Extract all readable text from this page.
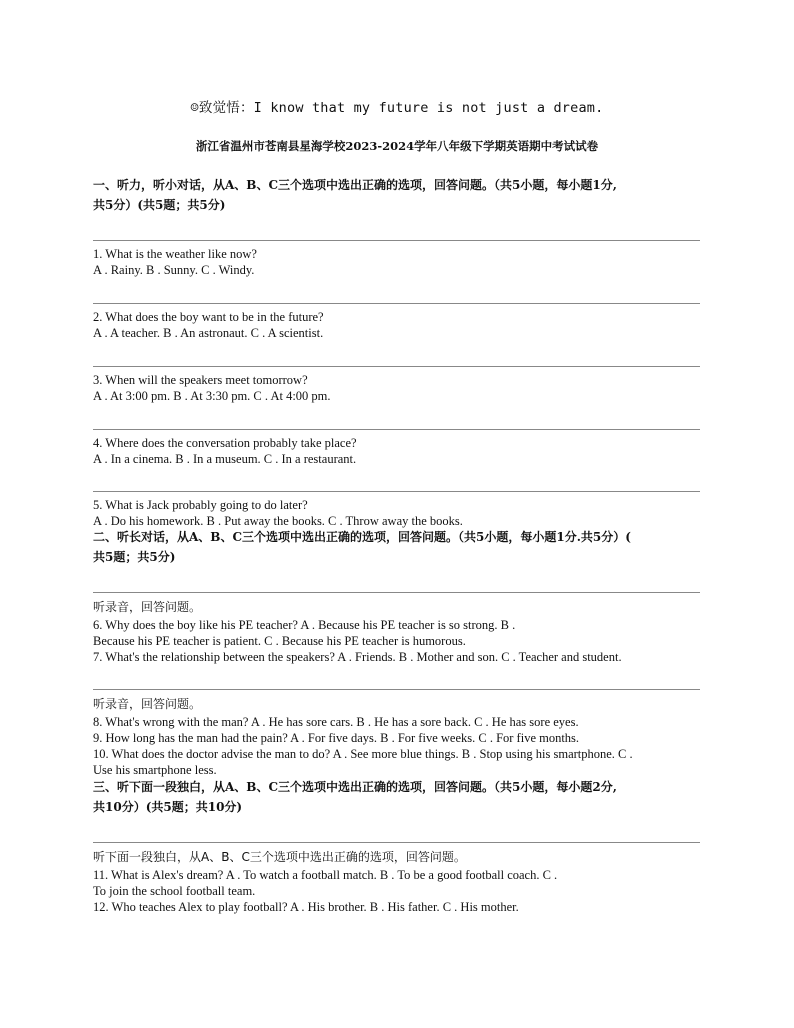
☺致觉悟：I know that my future is not just a dream.
浙江省温州市苍南县星海学校2023-2024学年八年级下学期英语期中考试试卷
一、听力，听小对话，从A、B、C三个选项中选出正确的选项，回答问题。（共5小题，每小题1分,
共5分）(共5题；共5分)
1. What is the weather like now?
A . Rainy. B . Sunny. C . Windy.
2. What does the boy want to be in the future?
A . A teacher. B . An astronaut. C . A scientist.
3. When will the speakers meet tomorrow?
A . At 3:00 pm. B . At 3:30 pm. C . At 4:00 pm.
4. Where does the conversation probably take place?
A . In a cinema. B . In a museum. C . In a restaurant.
5. What is Jack probably going to do later?
A . Do his homework. B . Put away the books. C . Throw away the books.
二、听长对话，从A、B、C三个选项中选出正确的选项，回答问题。（共5小题，每小题1分.共5分）(
共5题；共5分)
听录音，回答问题。
6. Why does the boy like his PE teacher? A . Because his PE teacher is so strong. B .
Because his PE teacher is patient. C . Because his PE teacher is humorous.
7. What's the relationship between the speakers? A . Friends. B . Mother and son. C . Teacher and student.
听录音，回答问题。
8. What's wrong with the man? A . He has sore cars. B . He has a sore back. C . He has sore eyes.
9. How long has the man had the pain? A . For five days. B . For five weeks. C . For five months.
10. What does the doctor advise the man to do? A . See more blue things. B . Stop using his smartphone. C .
Use his smartphone less.
三、听下面一段独白，从A、B、C三个选项中选出正确的选项，回答问题。（共5小题，每小题2分,
共10分）(共5题；共10分)
听下面一段独白，从A、B、C三个选项中选出正确的选项，回答问题。
11. What is Alex's dream? A . To watch a football match. B . To be a good football coach. C .
To join the school football team.
12. Who teaches Alex to play football? A . His brother. B . His father. C . His mother.
